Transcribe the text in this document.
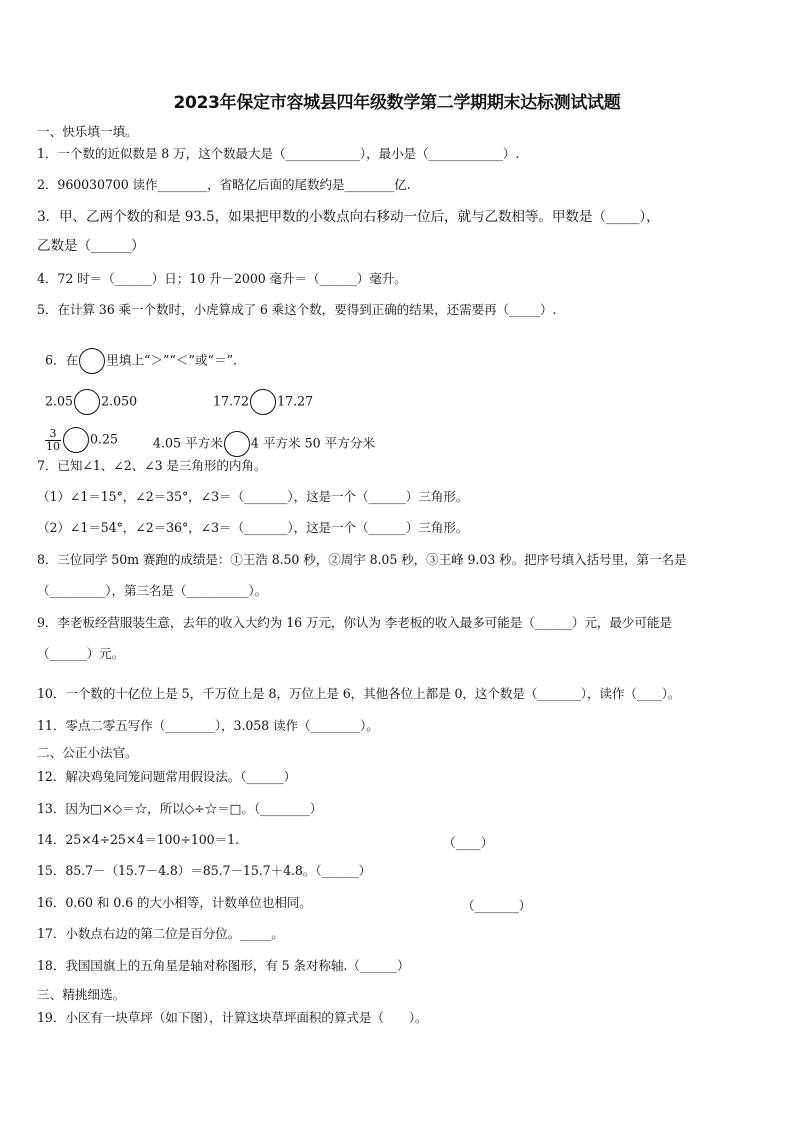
2023年保定市容城县四年级数学第二学期期末达标测试试题
一、快乐填一填。
1．一个数的近似数是 8 万，这个数最大是（____________），最小是（____________）.
2．960030700 读作________，省略亿后面的尾数约是________亿.
3．甲、乙两个数的和是 93.5，如果把甲数的小数点向右移动一位后，就与乙数相等。甲数是（_____），
乙数是（______）
4．72 时＝（______）日；10 升－2000 毫升＝（______）毫升。
5．在计算 36 乘一个数时，小虎算成了 6 乘这个数，要得到正确的结果，还需要再（_____）.

6．在 里填上“＞”“＜”或“＝”.

2.05 2.050	17.72 17.27

$\frac{3}{10} 0.25$	4.05 平方米 4 平方米 50 平方分米

7．已知∠1、∠2、∠3 是三角形的内角。
（1）∠1＝15°，∠2＝35°，∠3＝（_______），这是一个（______）三角形。
（2）∠1＝54°，∠2＝36°，∠3＝（_______），这是一个（______）三角形。
8．三位同学 50m 赛跑的成绩是：①王浩 8.50 秒，②周宇 8.05 秒，③王峰 9.03 秒。把序号填入括号里，第一名是
（_________），第三名是（__________）。
9．李老板经营服装生意，去年的收入大约为 16 万元，你认为 李老板的收入最多可能是（______）元，最少可能是
（______）元。
10．一个数的十亿位上是 5，千万位上是 8，万位上是 6，其他各位上都是 0，这个数是（_______），读作（____）。
11．零点二零五写作（________），3.058 读作（________）。
二、公正小法官。
12．解决鸡兔同笼问题常用假设法。（______）
13．因为□×◇＝☆，所以◇÷☆＝□。（________）
14．25×4÷25×4＝100÷100＝1.	（____）
15．85.7－（15.7－4.8）＝85.7－15.7＋4.8。（______）
16．0.60 和 0.6 的大小相等，计数单位也相同。	（_______）
17．小数点右边的第二位是百分位。_____。
18．我国国旗上的五角星是轴对称图形，有 5 条对称轴.（______）
三、精挑细选。
19．小区有一块草坪（如下图），计算这块草坪面积的算式是（　　）。
